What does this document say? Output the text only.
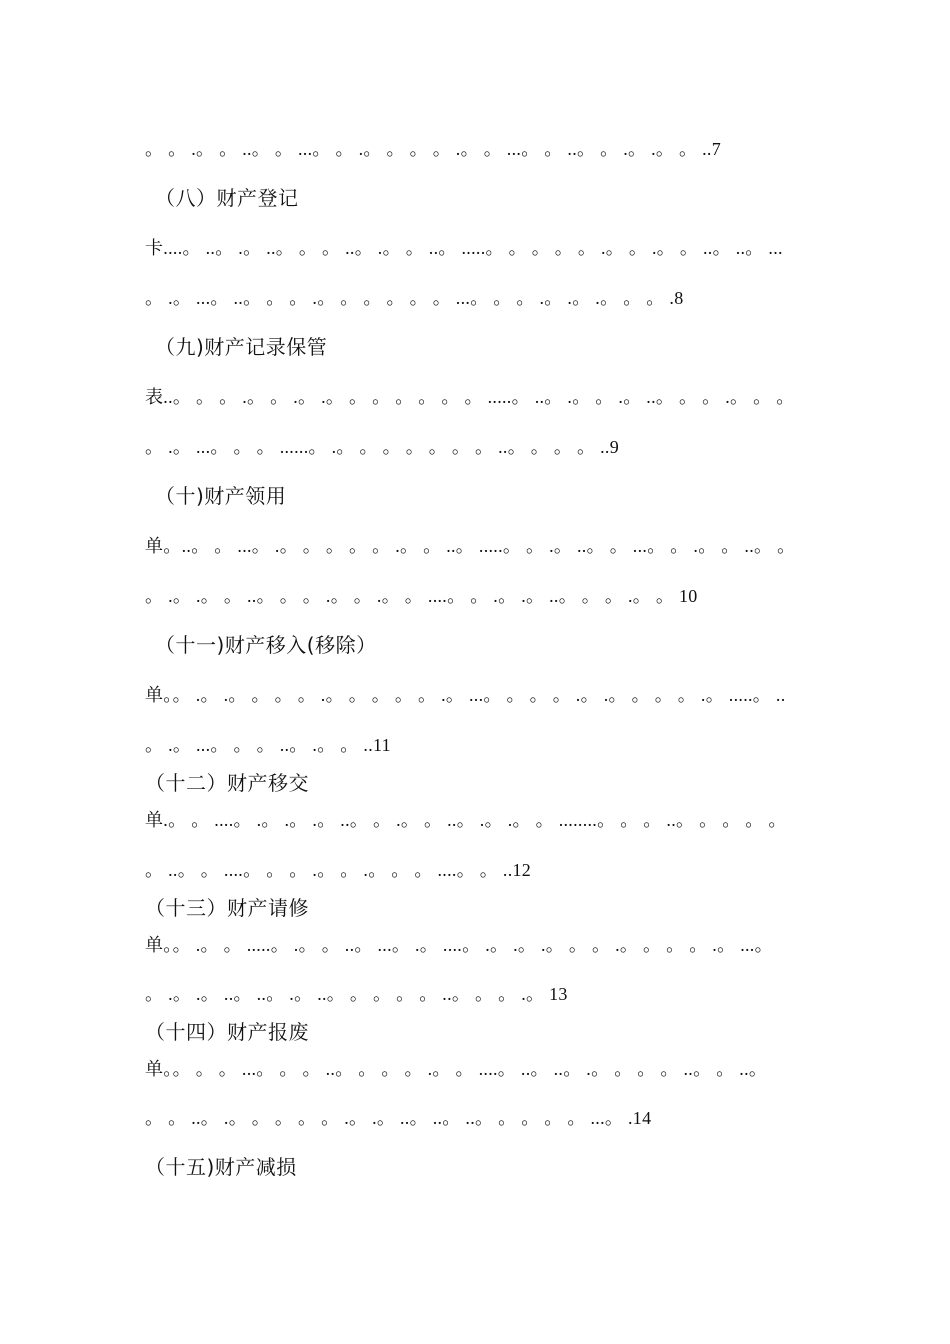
。 。 .。 。 ..。 。 ...。 。 .。 。 。 。 .。 。 ...。 。 ..。 。 .。 .。 。 ..7
（八）财产登记
卡....。 ..。 .。 ..。 。 。 ..。 .。 。 ..。 .....。 。 。 。 。 .。 。 .。 。 ..。 ..。 ...
。 .。 ...。 ..。 。 。 .。 。 。 。 。 。 ...。 。 。 .。 .。 .。 。 。 .8
（九)财产记录保管
表..。 。 。 .。 。 .。 .。 。 。 。 。 。 。 .....。 ..。 .。 。 .。 ..。 。 。 .。 。 。
。 .。 ...。 。 。 ......。 .。 。 。 。 。 。 。 ..。 。 。 。 ..9
（十)财产领用
单。..。 。 ...。 .。 。 。 。 。 .。 。 ..。 .....。 。 .。 ..。 。 ...。 。 .。 。 ..。 。
。 .。 .。 。 ..。 。 。 .。 。 .。 。 ....。 。 .。 .。 ..。 。 。 .。 。 10
（十一)财产移入(移除）
单。。 .。 .。 。 。 。 .。 。 。 。 。 .。 ...。 。 。 。 .。 .。 。 。 。 .。 .....。 ..
。 .。 ...。 。 。 ..。 .。 。 ..11
（十二）财产移交
单.。 。 ....。 .。 .。 .。 ..。 。 .。 。 ..。 .。 .。 。 ........。 。 。 ..。 。 。 。 。
。 ..。 。 ....。 。 。 .。 。 .。 。 。 ....。 。 ..12
（十三）财产请修
单。。 .。 。 .....。 .。 。 ..。 ...。 .。 ....。 .。 .。 .。 。 。 .。 。 。 。 .。 ...。
。 .。 .。 ..。 ..。 .。 ..。 。 。 。 。 ..。 。 。 .。 13
（十四）财产报废
单。。 。 。 ...。 。 。 ..。 。 。 。 .。 。 ....。 ..。 ..。 .。 。 。 。 ..。 。 ..。
。 。 ..。 .。 。 。 。 。 .。 .。 ..。 ..。 ..。 。 。 。 。 ...。 .14
（十五)财产减损
